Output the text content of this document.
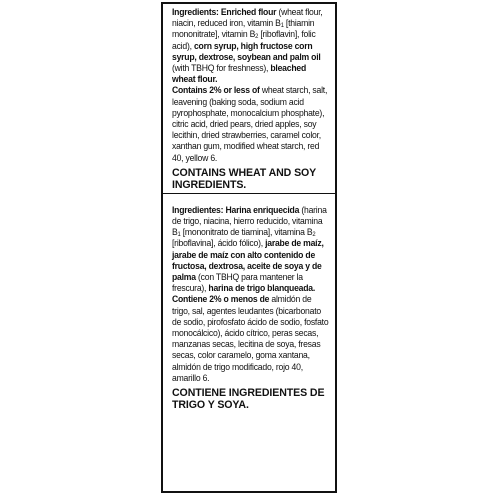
Ingredients: Enriched flour (wheat flour, niacin, reduced iron, vitamin $B_1$ [thiamin mononitrate], vitamin $B_2$ [riboflavin], folic acid), corn syrup, high fructose corn syrup, dextrose, soybean and palm oil (with TBHQ for freshness), bleached wheat flour.

Contains 2% or less of wheat starch, salt, leavening (baking soda, sodium acid pyrophosphate, monocalcium phosphate), citric acid, dried pears, dried apples, soy lecithin, dried strawberries, caramel color, xanthan gum, modified wheat starch, red 40, yellow 6.

CONTAINS WHEAT AND SOY INGREDIENTS.

Ingredientes: Harina enriquecida (harina de trigo, niacina, hierro reducido, vitamina $B_1$ [mononitrato de tiamina], vitamina $B_2$ [riboflavina], ácido fólico), jarabe de maíz, jarabe de maíz con alto contenido de fructosa, dextrosa, aceite de soya y de palma (con TBHQ para mantener la frescura), harina de trigo blanqueada.

Contiene 2% o menos de almidón de trigo, sal, agentes leudantes (bicarbonato de sodio, pirofosfato ácido de sodio, fosfato monocálcico), ácido cítrico, peras secas, manzanas secas, lecitina de soya, fresas secas, color caramelo, goma xantana, almidón de trigo modificado, rojo 40, amarillo 6.

CONTIENE INGREDIENTES DE TRIGO Y SOYA.
